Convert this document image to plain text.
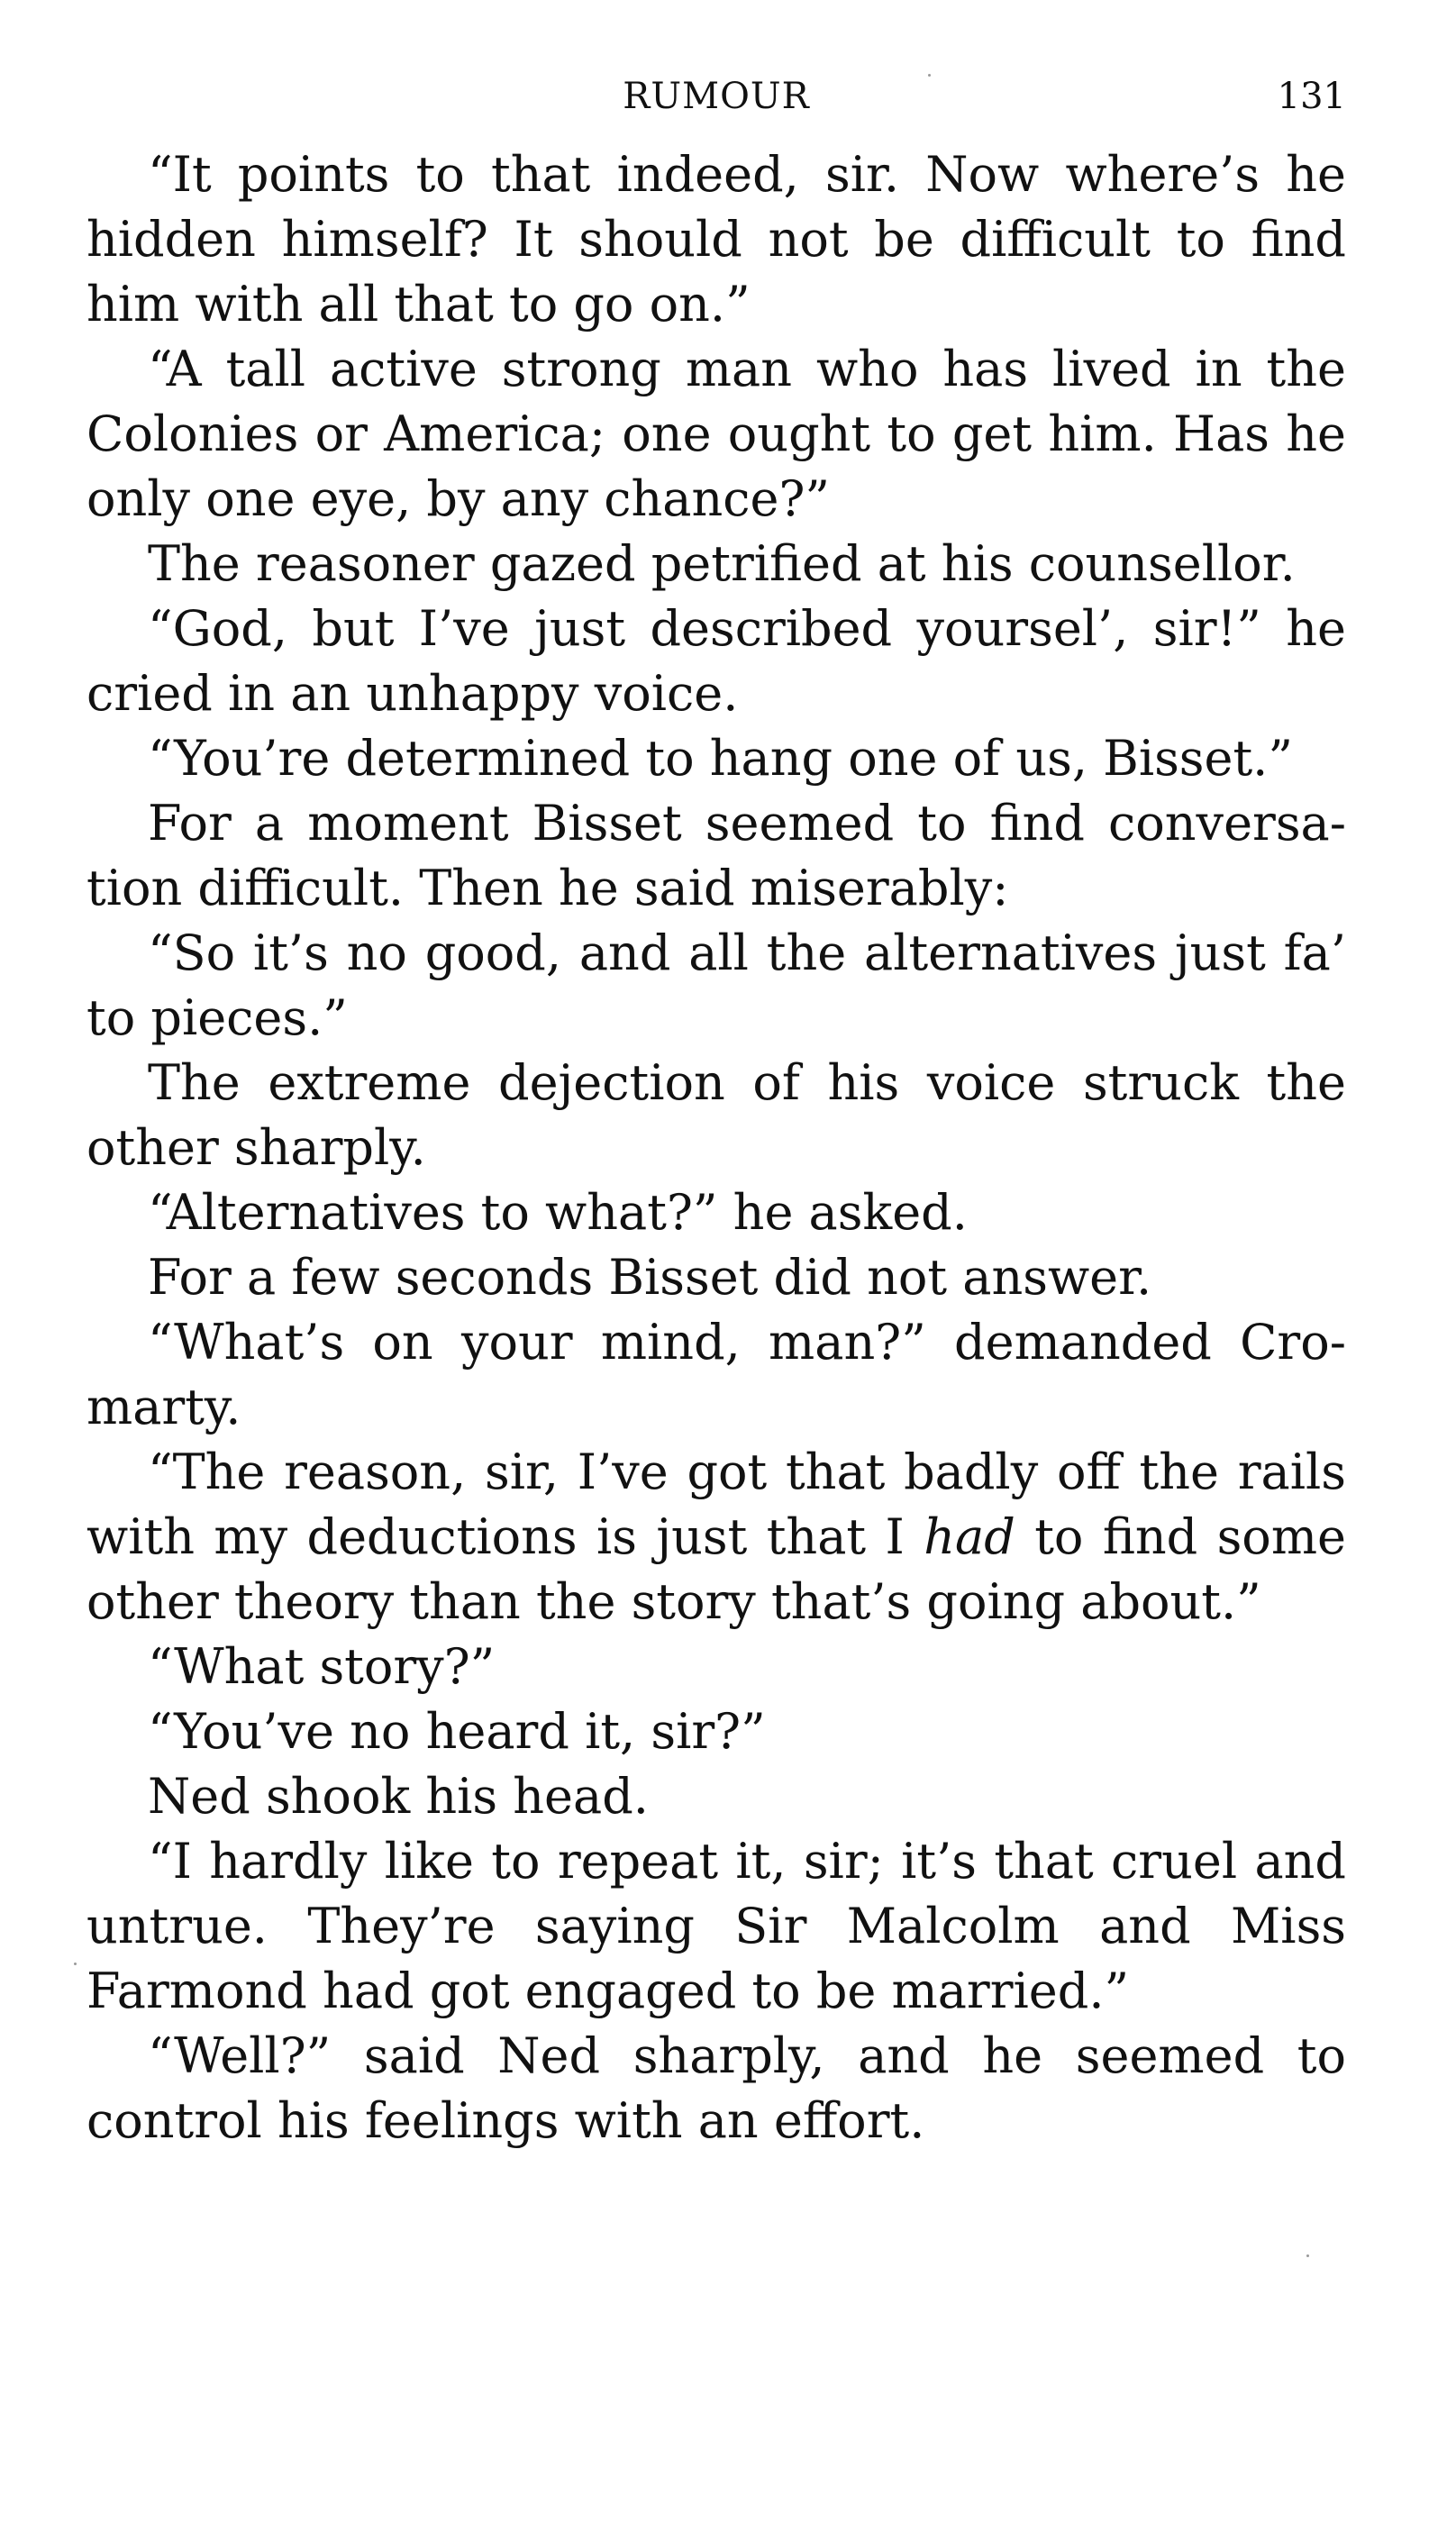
RUMOUR	131

“It points to that indeed, sir. Now where’s he hidden himself? It should not be difficult to find him with all that to go on.”

“A tall active strong man who has lived in the Colonies or America; one ought to get him. Has he only one eye, by any chance?”

The reasoner gazed petrified at his counsellor.

“God, but I’ve just described yoursel’, sir!” he cried in an unhappy voice.

“You’re determined to hang one of us, Bisset.”

For a moment Bisset seemed to find conversa-tion difficult. Then he said miserably:

“So it’s no good, and all the alternatives just fa’ to pieces.”

The extreme dejection of his voice struck the other sharply.

“Alternatives to what?” he asked.

For a few seconds Bisset did not answer.

“What’s on your mind, man?” demanded Cro-marty.

“The reason, sir, I’ve got that badly off the rails with my deductions is just that I had to find some other theory than the story that’s going about.”

“What story?”

“You’ve no heard it, sir?”

Ned shook his head.

“I hardly like to repeat it, sir; it’s that cruel and untrue. They’re saying Sir Malcolm and Miss Farmond had got engaged to be married.”

“Well?” said Ned sharply, and he seemed to control his feelings with an effort.
